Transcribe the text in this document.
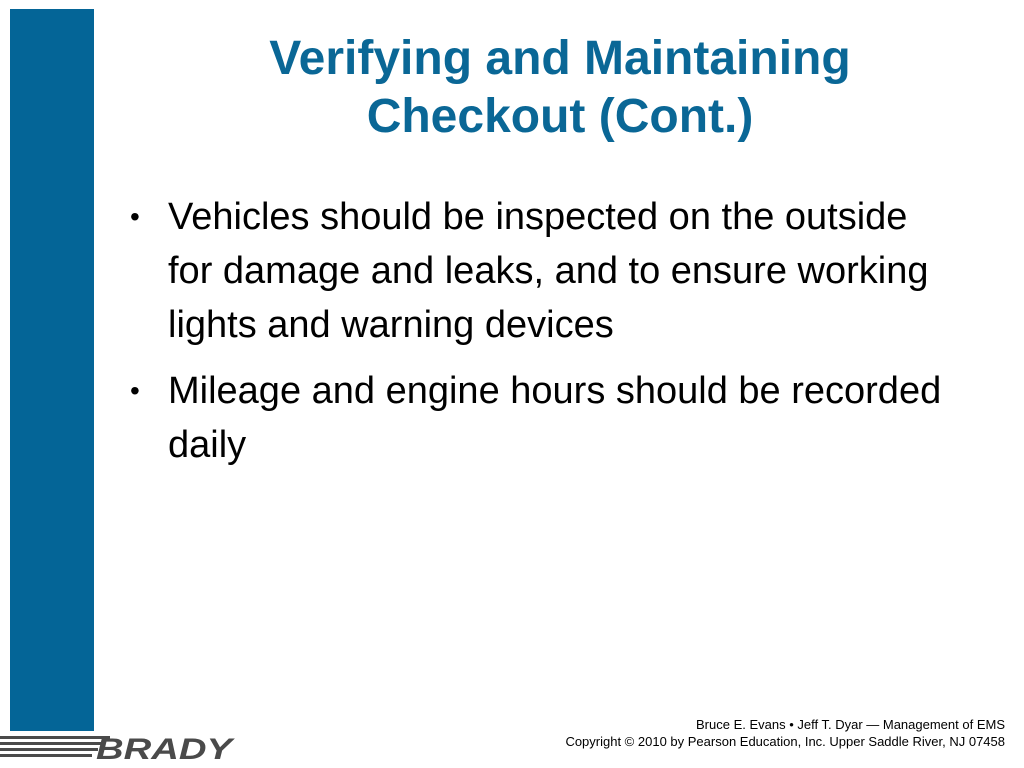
Verifying and Maintaining
Checkout (Cont.)
• Vehicles should be inspected on the outside for damage and leaks, and to ensure working lights and warning devices
• Mileage and engine hours should be recorded daily
BRADY
Bruce E. Evans • Jeff T. Dyar — Management of EMS
Copyright © 2010 by Pearson Education, Inc. Upper Saddle River, NJ 07458
